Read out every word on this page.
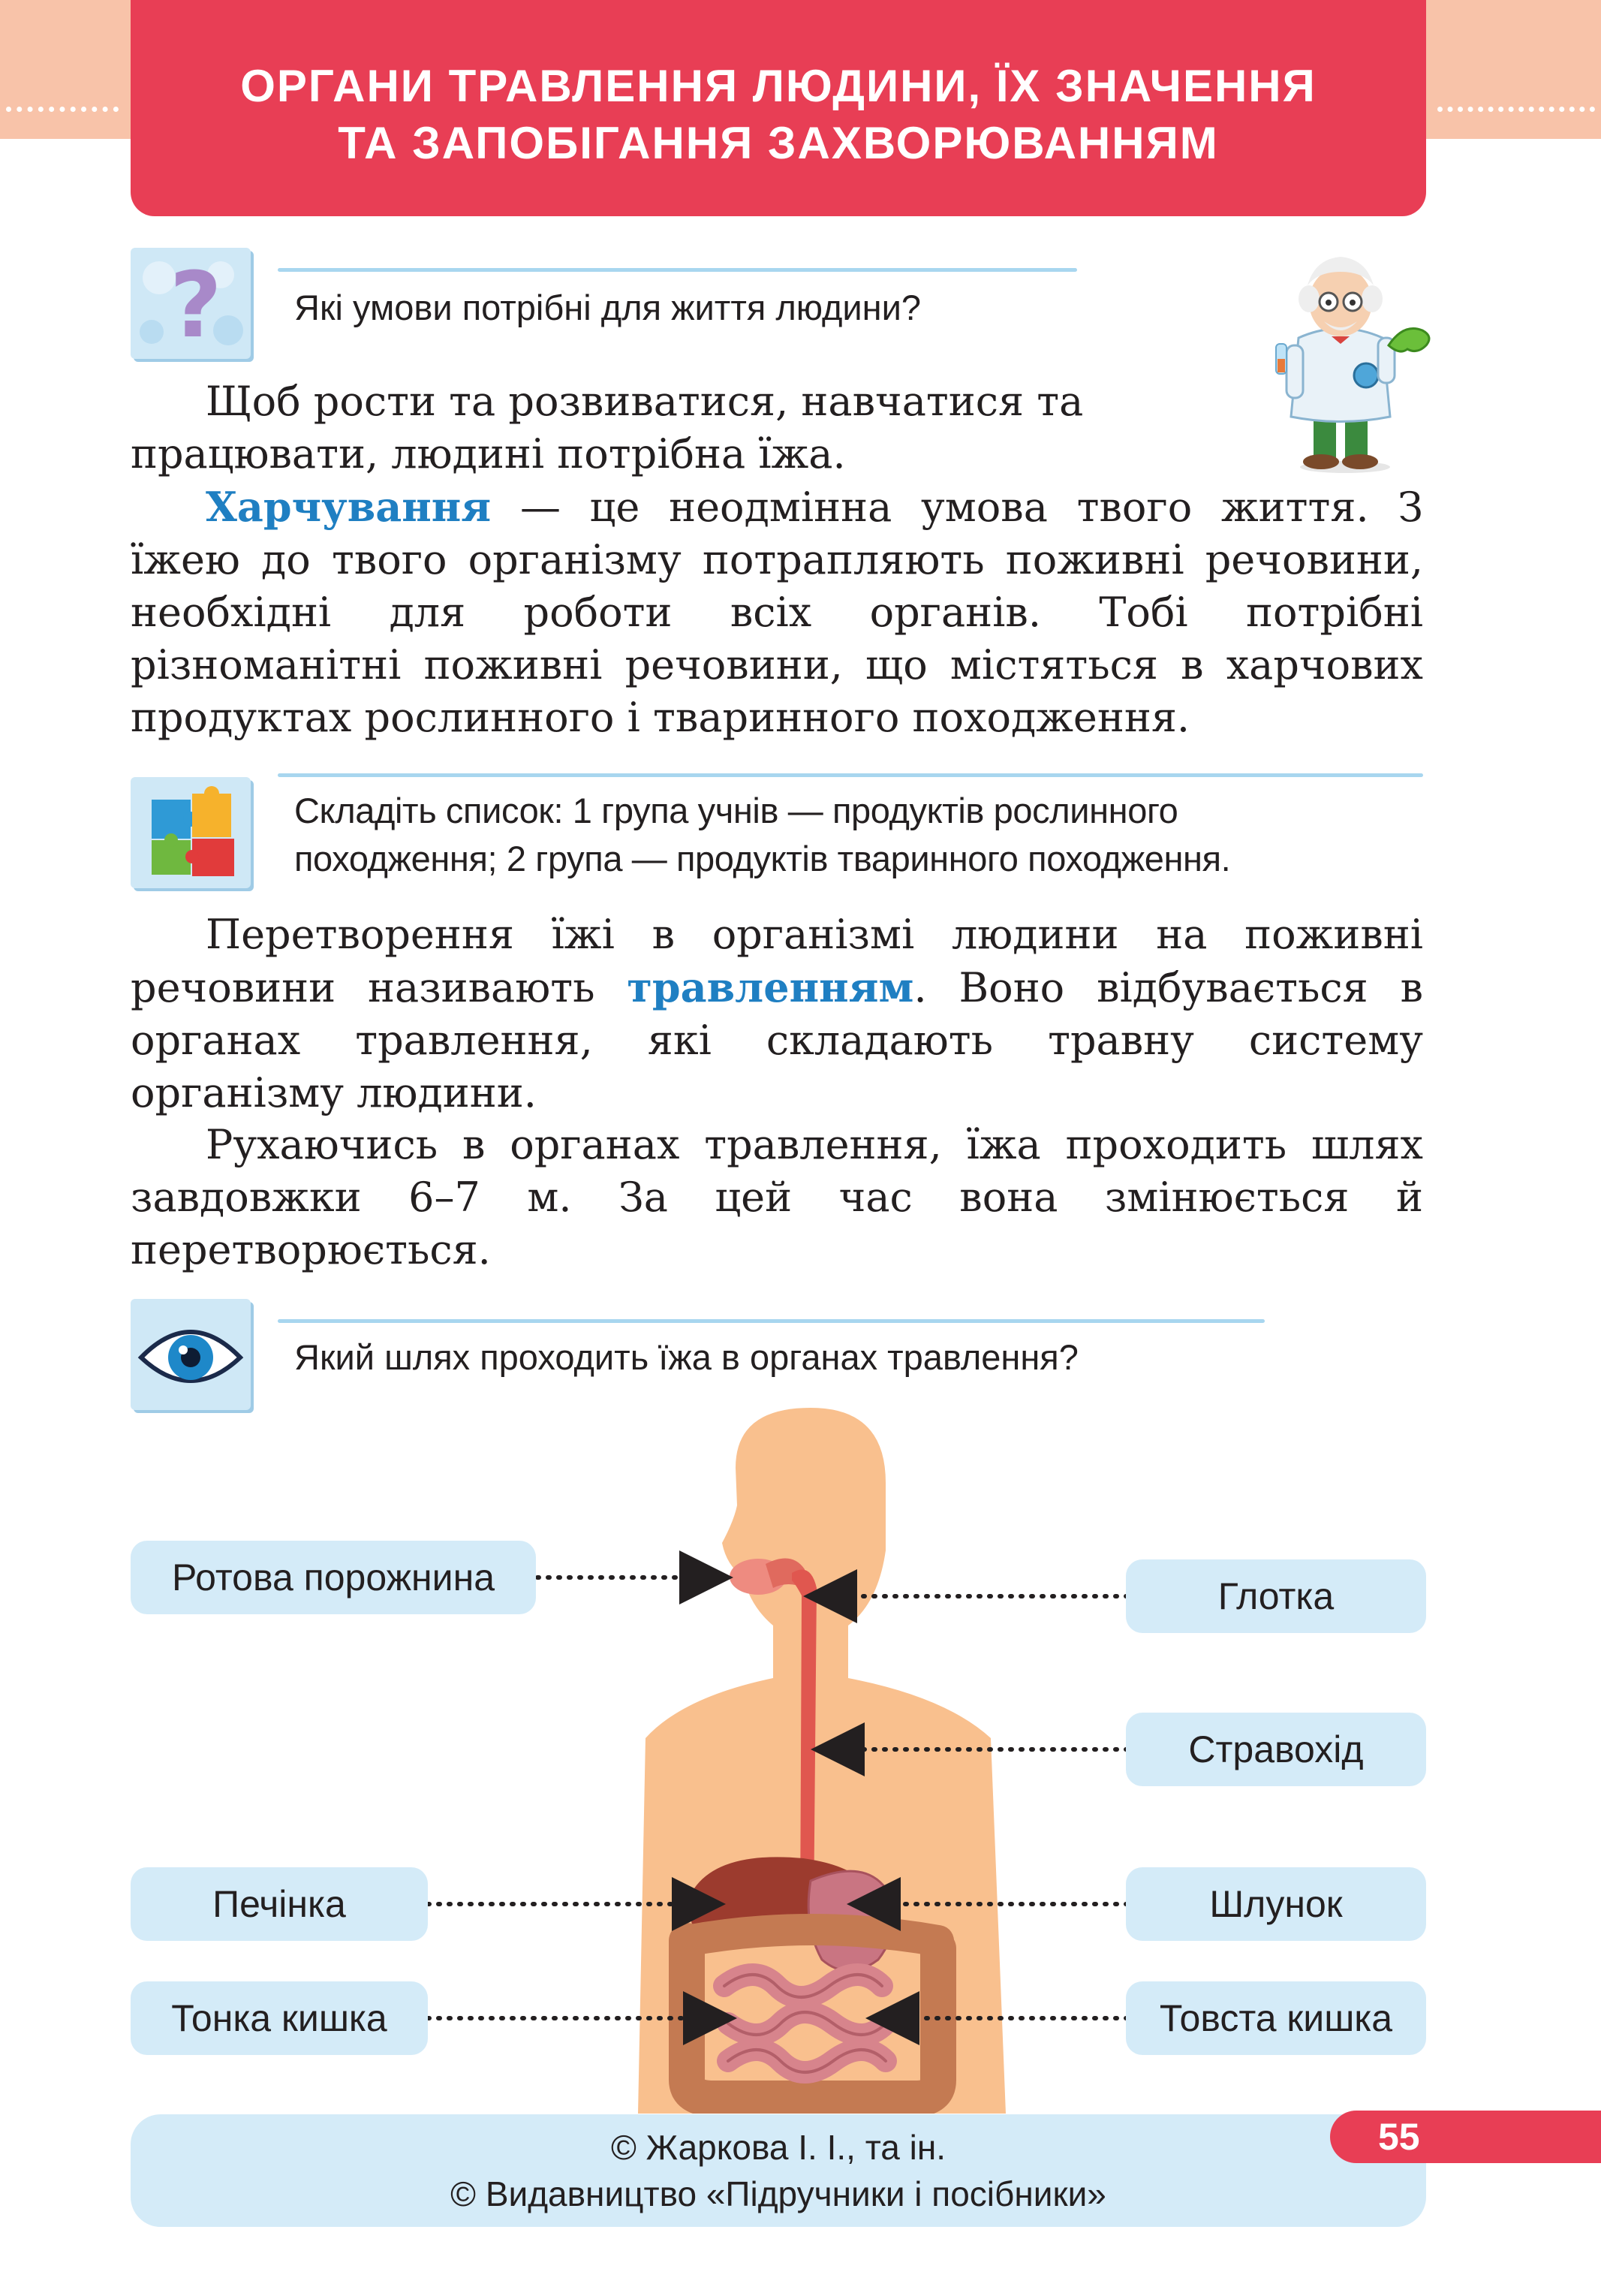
ОРГАНИ ТРАВЛЕННЯ ЛЮДИНИ, ЇХ ЗНАЧЕННЯ
ТА ЗАПОБІГАННЯ ЗАХВОРЮВАННЯМ
? Які умови потрібні для життя людини?

Щоб рости та розвиватися, навчатися та працювати, людині потрібна їжа.

Харчування — це неодмінна умова твого життя. З їжею до твого організму потрапляють поживні речовини, необхідні для роботи всіх органів. Тобі потрібні різноманітні поживні речовини, що містяться в харчових продуктах рослинного і тваринного походження.

Складіть список: 1 група учнів — продуктів рослинного
походження; 2 група — продуктів тваринного походження.

Перетворення їжі в організмі людини на поживні речовини називають травленням. Воно відбувається в органах травлення, які складають травну систему організму людини.

Рухаючись в органах травлення, їжа проходить шлях завдовжки 6–7 м. За цей час вона змінюється й перетворюється.

Який шлях проходить їжа в органах травлення?
Ротова порожнина	Глотка
Стравохід
Печінка	Шлунок
Тонка кишка	Товста кишка
© Жаркова І. І., та ін.
© Видавництво «Підручники і посібники»
55
